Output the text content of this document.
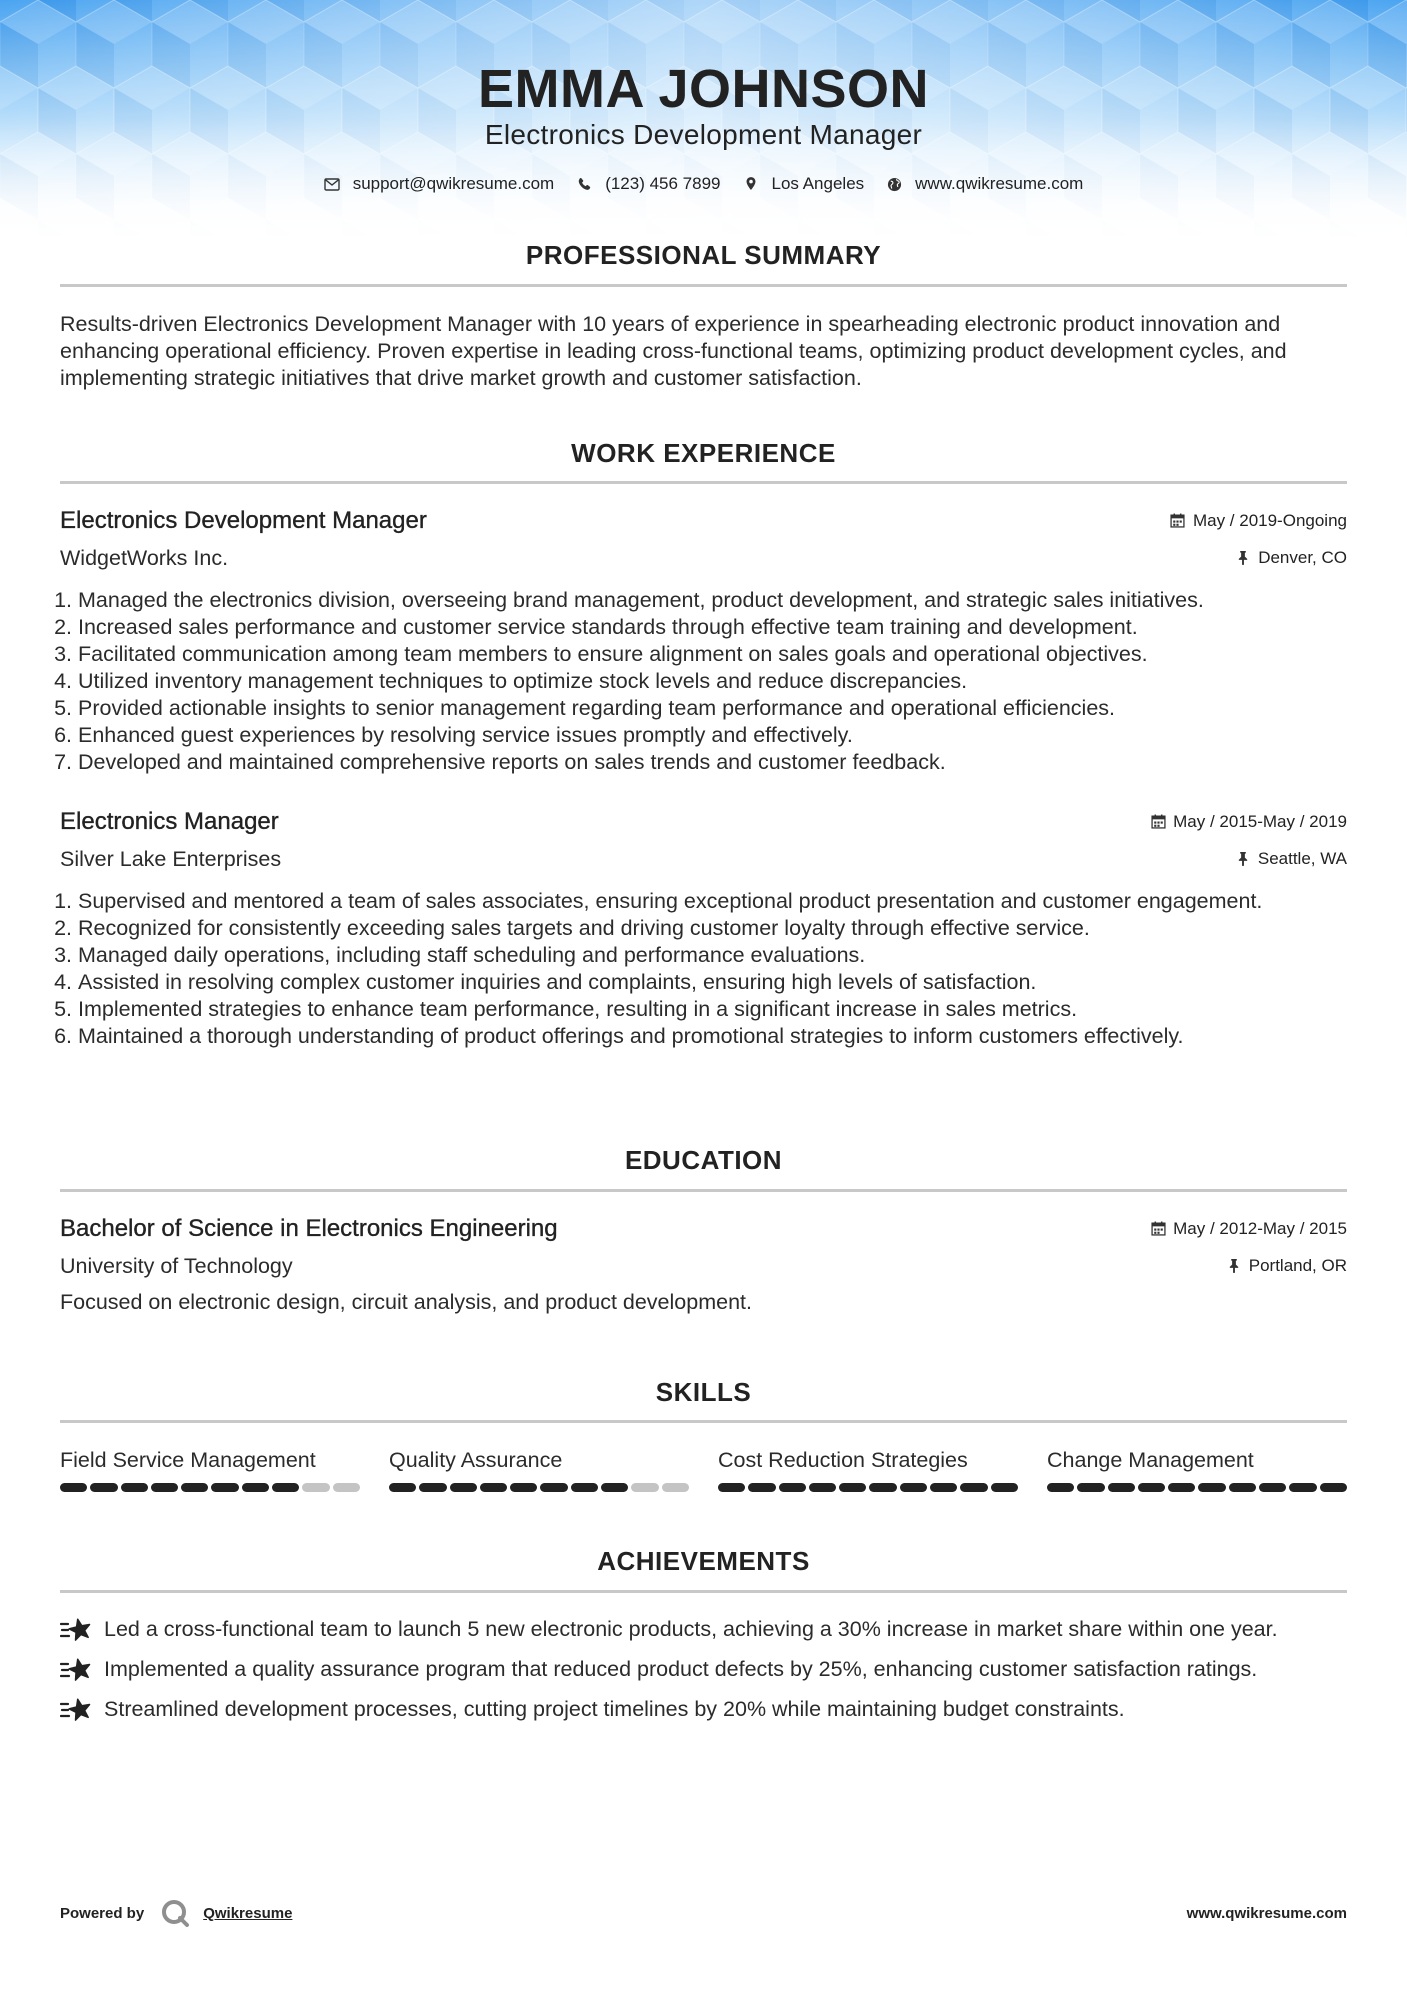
EMMA JOHNSON
Electronics Development Manager
support@qwikresume.com	(123) 456 7899	Los Angeles	www.qwikresume.com
PROFESSIONAL SUMMARY
Results-driven Electronics Development Manager with 10 years of experience in spearheading electronic product innovation and enhancing operational efficiency. Proven expertise in leading cross-functional teams, optimizing product development cycles, and implementing strategic initiatives that drive market growth and customer satisfaction.
WORK EXPERIENCE
Electronics Development Manager	May / 2019-Ongoing
WidgetWorks Inc.	Denver, CO
1. Managed the electronics division, overseeing brand management, product development, and strategic sales initiatives.
2. Increased sales performance and customer service standards through effective team training and development.
3. Facilitated communication among team members to ensure alignment on sales goals and operational objectives.
4. Utilized inventory management techniques to optimize stock levels and reduce discrepancies.
5. Provided actionable insights to senior management regarding team performance and operational efficiencies.
6. Enhanced guest experiences by resolving service issues promptly and effectively.
7. Developed and maintained comprehensive reports on sales trends and customer feedback.
Electronics Manager	May / 2015-May / 2019
Silver Lake Enterprises	Seattle, WA
1. Supervised and mentored a team of sales associates, ensuring exceptional product presentation and customer engagement.
2. Recognized for consistently exceeding sales targets and driving customer loyalty through effective service.
3. Managed daily operations, including staff scheduling and performance evaluations.
4. Assisted in resolving complex customer inquiries and complaints, ensuring high levels of satisfaction.
5. Implemented strategies to enhance team performance, resulting in a significant increase in sales metrics.
6. Maintained a thorough understanding of product offerings and promotional strategies to inform customers effectively.
EDUCATION
Bachelor of Science in Electronics Engineering	May / 2012-May / 2015
University of Technology	Portland, OR
Focused on electronic design, circuit analysis, and product development.
SKILLS
Field Service Management	Quality Assurance	Cost Reduction Strategies	Change Management
ACHIEVEMENTS
Led a cross-functional team to launch 5 new electronic products, achieving a 30% increase in market share within one year.
Implemented a quality assurance program that reduced product defects by 25%, enhancing customer satisfaction ratings.
Streamlined development processes, cutting project timelines by 20% while maintaining budget constraints.
Powered by	Qwikresume	www.qwikresume.com
